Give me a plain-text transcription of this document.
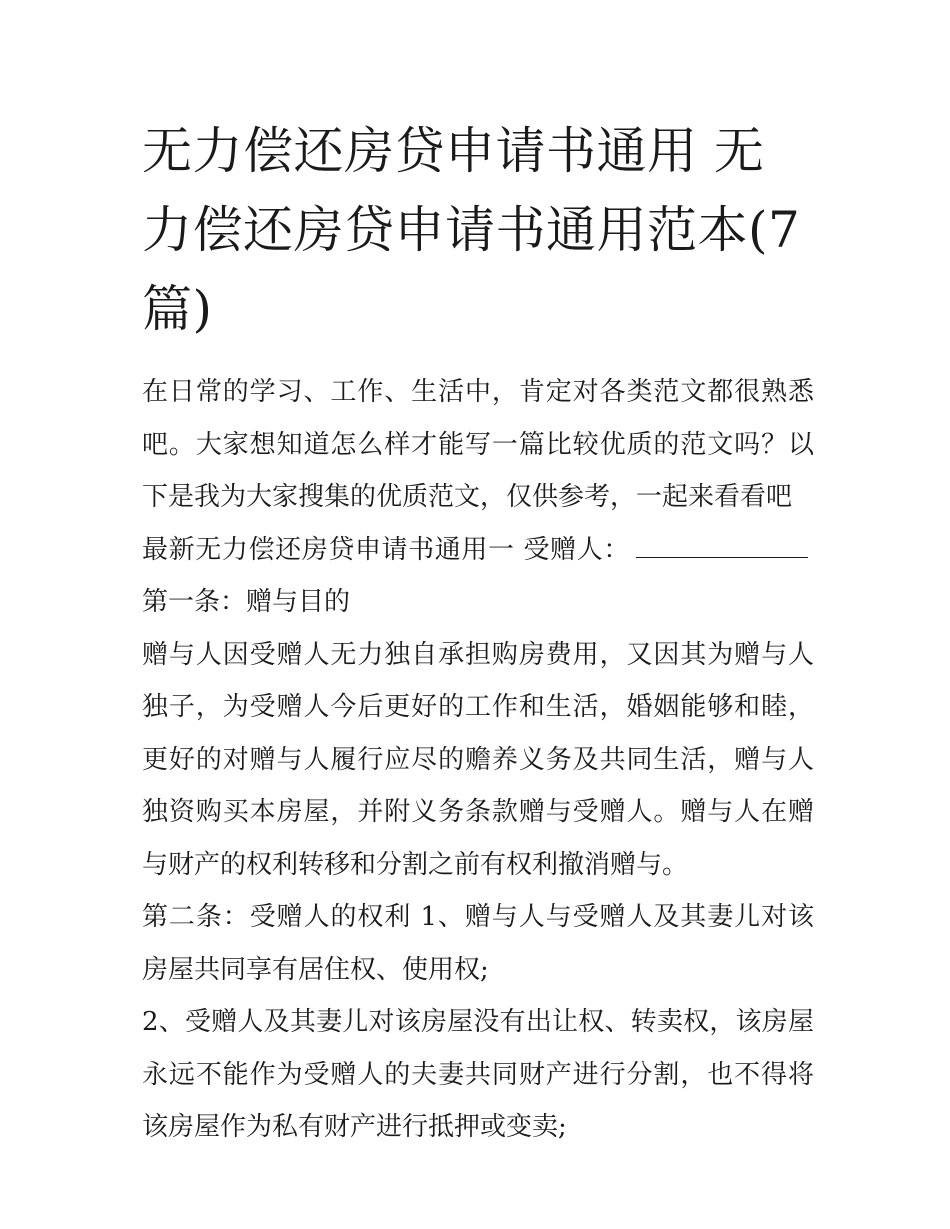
无力偿还房贷申请书通用 无力偿还房贷申请书通用范本(7篇)

在日常的学习、工作、生活中，肯定对各类范文都很熟悉吧。大家想知道怎么样才能写一篇比较优质的范文吗？以下是我为大家搜集的优质范文，仅供参考，一起来看看吧

最新无力偿还房贷申请书通用一 受赠人：第一条：赠与目的

赠与人因受赠人无力独自承担购房费用，又因其为赠与人独子，为受赠人今后更好的工作和生活，婚姻能够和睦，更好的对赠与人履行应尽的赡养义务及共同生活，赠与人独资购买本房屋，并附义务条款赠与受赠人。赠与人在赠与财产的权利转移和分割之前有权利撤消赠与。

第二条：受赠人的权利 1、赠与人与受赠人及其妻儿对该房屋共同享有居住权、使用权;

2、受赠人及其妻儿对该房屋没有出让权、转卖权，该房屋永远不能作为受赠人的夫妻共同财产进行分割，也不得将该房屋作为私有财产进行抵押或变卖;
